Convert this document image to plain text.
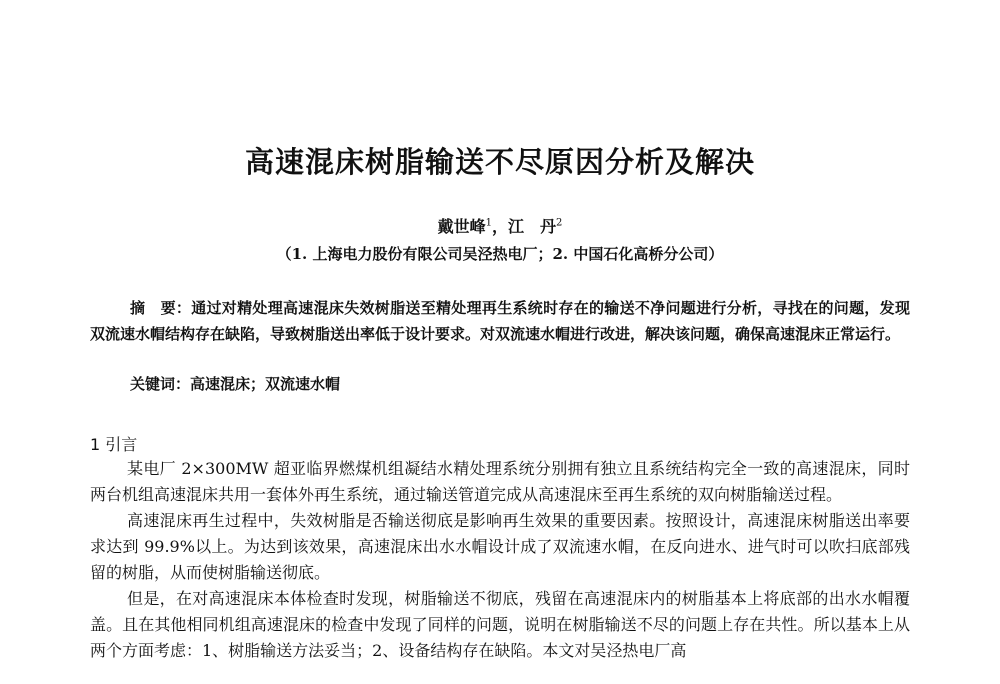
高速混床树脂输送不尽原因分析及解决
戴世峰$^1$，江　丹$^2$
（1. 上海电力股份有限公司吴泾热电厂；2. 中国石化高桥分公司）
摘　要：通过对精处理高速混床失效树脂送至精处理再生系统时存在的输送不净问题进行分析，寻找在的问题，发现双流速水帽结构存在缺陷，导致树脂送出率低于设计要求。对双流速水帽进行改进，解决该问题，确保高速混床正常运行。
关键词：高速混床；双流速水帽
1 引言

某电厂 2×300MW 超亚临界燃煤机组凝结水精处理系统分别拥有独立且系统结构完全一致的高速混床，同时两台机组高速混床共用一套体外再生系统，通过输送管道完成从高速混床至再生系统的双向树脂输送过程。

高速混床再生过程中，失效树脂是否输送彻底是影响再生效果的重要因素。按照设计，高速混床树脂送出率要求达到 99.9%以上。为达到该效果，高速混床出水水帽设计成了双流速水帽，在反向进水、进气时可以吹扫底部残留的树脂，从而使树脂输送彻底。

但是，在对高速混床本体检查时发现，树脂输送不彻底，残留在高速混床内的树脂基本上将底部的出水水帽覆盖。且在其他相同机组高速混床的检查中发现了同样的问题，说明在树脂输送不尽的问题上存在共性。所以基本上从两个方面考虑：1、树脂输送方法妥当；2、设备结构存在缺陷。本文对吴泾热电厂高
